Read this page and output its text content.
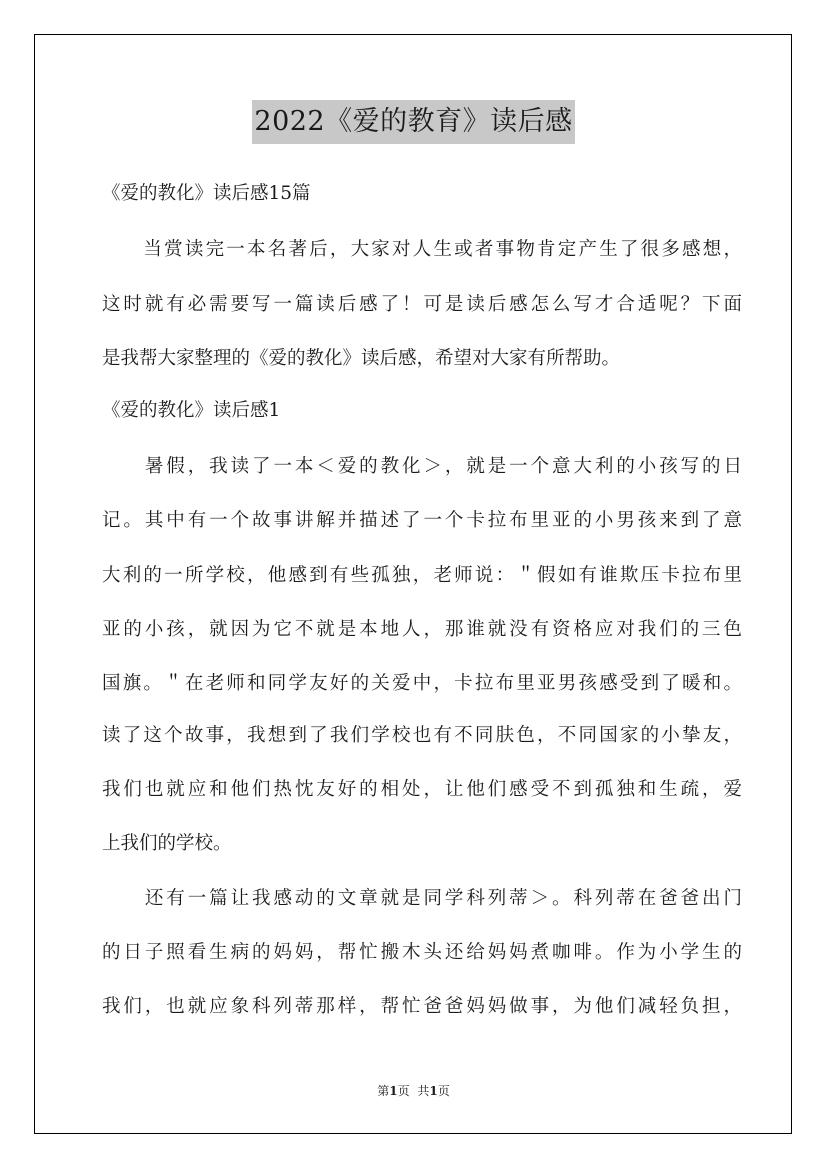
2022《爱的教育》读后感
《爱的教化》读后感15篇
　　当赏读完一本名著后，大家对人生或者事物肯定产生了很多感想，
这时就有必需要写一篇读后感了！可是读后感怎么写才合适呢？下面
是我帮大家整理的《爱的教化》读后感，希望对大家有所帮助。
《爱的教化》读后感1
　　暑假，我读了一本＜爱的教化＞，就是一个意大利的小孩写的日
记。其中有一个故事讲解并描述了一个卡拉布里亚的小男孩来到了意
大利的一所学校，他感到有些孤独，老师说：＂假如有谁欺压卡拉布里
亚的小孩，就因为它不就是本地人，那谁就没有资格应对我们的三色
国旗。＂在老师和同学友好的关爱中，卡拉布里亚男孩感受到了暖和。
读了这个故事，我想到了我们学校也有不同肤色，不同国家的小挚友，
我们也就应和他们热忱友好的相处，让他们感受不到孤独和生疏，爱
上我们的学校。
　　还有一篇让我感动的文章就是同学科列蒂＞。科列蒂在爸爸出门
的日子照看生病的妈妈，帮忙搬木头还给妈妈煮咖啡。作为小学生的
我们，也就应象科列蒂那样，帮忙爸爸妈妈做事，为他们减轻负担，
第1页 共1页
